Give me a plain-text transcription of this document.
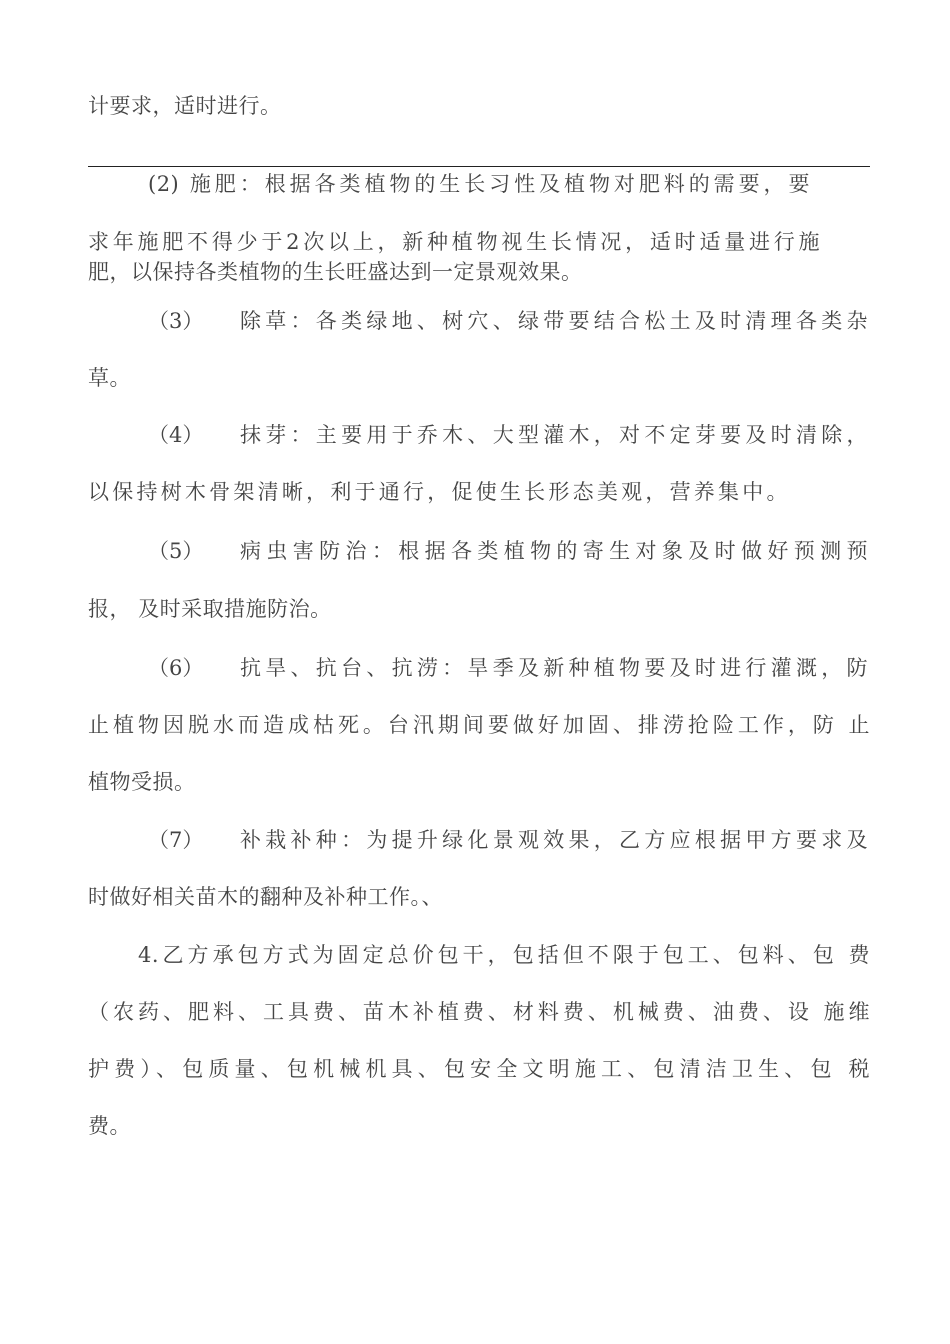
计要求，适时进行。
(2) 施肥：根据各类植物的生长习性及植物对肥料的需要，要
求年施肥不得少于2次以上，新种植物视生长情况，适时适量进行施
肥，以保持各类植物的生长旺盛达到一定景观效果。
（3） 除草：各类绿地、树穴、绿带要结合松土及时清理各类杂
草。
（4） 抹芽：主要用于乔木、大型灌木，对不定芽要及时清除，
以保持树木骨架清晰，利于通行，促使生长形态美观，营养集中。
（5） 病虫害防治：根据各类植物的寄生对象及时做好预测预
报， 及时采取措施防治。
（6） 抗旱、抗台、抗涝：旱季及新种植物要及时进行灌溉，防
止植物因脱水而造成枯死。台汛期间要做好加固、排涝抢险工作，防 止
植物受损。
（7） 补栽补种：为提升绿化景观效果，乙方应根据甲方要求及
时做好相关苗木的翻种及补种工作。、
4.乙方承包方式为固定总价包干，包括但不限于包工、包料、包 费
（农药、肥料、工具费、苗木补植费、材料费、机械费、油费、设 施维
护费）、包质量、包机械机具、包安全文明施工、包清洁卫生、包 税
费。
